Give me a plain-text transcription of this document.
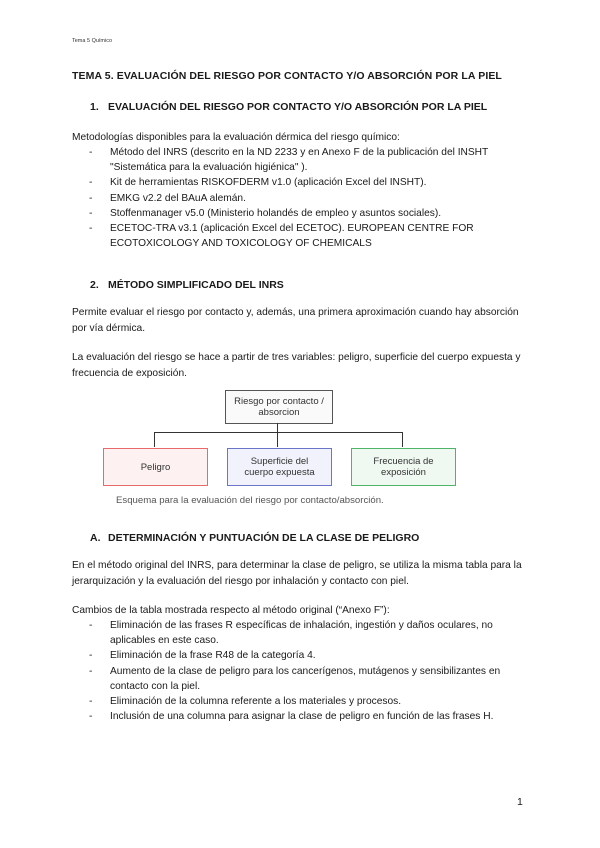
Tema 5 Químico
TEMA 5. EVALUACIÓN DEL RIESGO POR CONTACTO Y/O ABSORCIÓN POR LA PIEL
1. EVALUACIÓN DEL RIESGO POR CONTACTO Y/O ABSORCIÓN POR LA PIEL
Metodologías disponibles para la evaluación dérmica del riesgo químico:
- Método del INRS (descrito en la ND 2233 y en Anexo F de la publicación del INSHT "Sistemática para la evaluación higiénica" ).
- Kit de herramientas RISKOFDERM v1.0 (aplicación Excel del INSHT).
- EMKG v2.2 del BAuA alemán.
- Stoffenmanager v5.0 (Ministerio holandés de empleo y asuntos sociales).
- ECETOC-TRA v3.1 (aplicación Excel del ECETOC). EUROPEAN CENTRE FOR ECOTOXICOLOGY AND TOXICOLOGY OF CHEMICALS
2. MÉTODO SIMPLIFICADO DEL INRS
Permite evaluar el riesgo por contacto y, además, una primera aproximación cuando hay absorción por vía dérmica.
La evaluación del riesgo se hace a partir de tres variables: peligro, superficie del cuerpo expuesta y frecuencia de exposición.
Riesgo por contacto / absorcion
Peligro	Superficie del cuerpo expuesta
Frecuencia de exposición
Esquema para la evaluación del riesgo por contacto/absorción.
A. DETERMINACIÓN Y PUNTUACIÓN DE LA CLASE DE PELIGRO
En el método original del INRS, para determinar la clase de peligro, se utiliza la misma tabla para la jerarquización y la evaluación del riesgo por inhalación y contacto con piel.
Cambios de la tabla mostrada respecto al método original (“Anexo F”):
- Eliminación de las frases R específicas de inhalación, ingestión y daños oculares, no aplicables en este caso.
- Eliminación de la frase R48 de la categoría 4.
- Aumento de la clase de peligro para los cancerígenos, mutágenos y sensibilizantes en contacto con la piel.
- Eliminación de la columna referente a los materiales y procesos.
- Inclusión de una columna para asignar la clase de peligro en función de las frases H.
1
